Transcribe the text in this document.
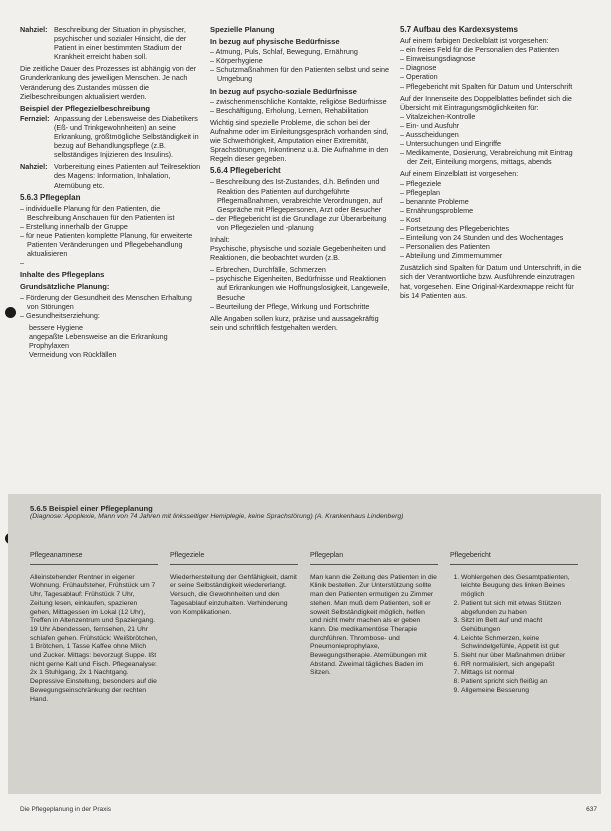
Nahziel: Beschreibung der Situation in physischer, psychischer und sozialer Hinsicht, die der Patient in einer bestimmten Stadium der Krankheit erreicht haben soll.

Die zeitliche Dauer des Prozesses ist abhängig von der Grunderkrankung des jeweiligen Menschen. Je nach Veränderung des Zustandes müssen die Zielbeschreibungen aktualisiert werden.

Beispiel der Pflegezielbeschreibung
Fernziel: Anpassung der Lebensweise des Diabetikers (Eß- und Trinkgewohnheiten) an seine Erkrankung, größtmögliche Selbständigkeit in bezug auf Behandlungspflege (z.B. selbständiges Injizieren des Insulins).
Nahziel: Vorbereitung eines Patienten auf Teilresektion des Magens: Information, Inhalation, Atemübung etc.
5.6.3 Pflegeplan
– individuelle Planung für den Patienten, die Beschreibung Anschauen für den Patienten ist
– Erstellung innerhalb der Gruppe
– für neue Patienten komplette Planung, für erweiterte Patienten Veränderungen und Pflegebehandlung aktualisieren
–
Inhalte des Pflegeplans
Grundsätzliche Planung:
– Förderung der Gesundheit des Menschen Erhaltung von Störungen
– Gesundheitserziehung:
bessere Hygiene
angepaßte Lebensweise an die Erkrankung
Prophylaxen
Vermeidung von Rückfällen
Spezielle Planung
In bezug auf physische Bedürfnisse
– Atmung, Puls, Schlaf, Bewegung, Ernährung
– Körperhygiene
– Schutzmaßnahmen für den Patienten selbst und seine Umgebung
In bezug auf psycho-soziale Bedürfnisse
– zwischenmenschliche Kontakte, religiöse Bedürfnisse
– Beschäftigung, Erholung, Lernen, Rehabilitation

Wichtig sind spezielle Probleme, die schon bei der Aufnahme oder im Einleitungsgespräch vorhanden sind, wie Schwerhörigkeit, Amputation einer Extremität, Sprachstörungen, Inkontinenz u.ä. Die Aufnahme in den Regeln dieser gegeben.

5.6.4 Pflegebericht
– Beschreibung des Ist-Zustandes, d.h. Befinden und Reaktion des Patienten auf durchgeführte Pflegemaßnahmen, verabreichte Verordnungen, auf Gespräche mit Pflegepersonen, Arzt oder Besucher
– der Pflegebericht ist die Grundlage zur Überarbeitung von Pflegezielen und -planung

Inhalt:

Psychische, physische und soziale Gegebenheiten und Reaktionen, die beobachtet wurden (z.B.

– Erbrechen, Durchfälle, Schmerzen
– psychische Eigenheiten, Bedürfnisse und Reaktionen auf Erkrankungen wie Hoffnungslosigkeit, Langeweile, Besuche
– Beurteilung der Pflege, Wirkung und Fortschritte

Alle Angaben sollen kurz, präzise und aussagekräftig sein und schriftlich festgehalten werden.

5.7 Aufbau des Kardexsystems

Auf einem farbigen Deckelblatt ist vorgesehen:

– ein freies Feld für die Personalien des Patienten
– Einweisungsdiagnose
– Diagnose
– Operation
– Pflegebericht mit Spalten für Datum und Unterschrift

Auf der Innenseite des Doppelblattes befindet sich die Übersicht mit Eintragungsmöglichkeiten für:

– Vitalzeichen-Kontrolle
– Ein- und Ausfuhr
– Ausscheidungen
– Untersuchungen und Eingriffe
– Medikamente, Dosierung, Verabreichung mit Eintrag der Zeit, Einteilung morgens, mittags, abends

Auf einem Einzelblatt ist vorgesehen:

– Pflegeziele
– Pflegeplan
– benannte Probleme
– Ernährungsprobleme
– Kost
– Fortsetzung des Pflegeberichtes
– Einteilung von 24 Stunden und des Wochentages
– Personalien des Patienten
– Abteilung und Zimmernummer

Zusätzlich sind Spalten für Datum und Unterschrift, in die sich der Verantwortliche bzw. Ausführende einzutragen hat, vorgesehen. Eine Original-Kardexmappe reicht für bis 14 Patienten aus.

5.6.5 Beispiel einer Pflegeplanung
(Diagnose: Apoplexie, Mann von 74 Jahren mit linksseitiger Hemiplegie, keine Sprachstörung) (A. Krankenhaus Lindenberg)
Pflegeanamnese
Alleinstehender Rentner in eigener Wohnung. Frühaufsteher, Frühstück um 7 Uhr, Tagesablauf: Frühstück 7 Uhr, Zeitung lesen, einkaufen, spazieren gehen, Mittagessen im Lokal (12 Uhr), Treffen in Altenzentrum und Spaziergang. 19 Uhr Abendessen, fernsehen, 21 Uhr schlafen gehen. Frühstück: Weißbrötchen, 1 Brötchen, 1 Tasse Kaffee ohne Milch und Zucker. Mittags: bevorzugt Suppe. Ißt nicht gerne Kalt und Fisch. Pflegeanalyse: 2x 1 Stuhlgang, 2x 1 Nachtgang. Depressive Einstellung, besonders auf die Bewegungseinschränkung der rechten Hand.
Pflegeziele
Wiederherstellung der Gehfähigkeit, damit er seine Selbständigkeit wiedererlangt. Versuch, die Gewohnheiten und den Tagesablauf einzuhalten. Verhinderung von Komplikationen.
Pflegeplan
Man kann die Zeitung des Patienten in die Klinik bestellen. Zur Unterstützung sollte man den Patienten ermutigen zu Zimmer stehen. Man muß dem Patienten, soll er soweit Selbständigkeit möglich, helfen und nicht mehr machen als er geben kann. Die medikamentöse Therapie durchführen. Thrombose- und Pneumonieprophylaxe, Bewegungstherapie. Atemübungen mit Abstand. Zweimal tägliches Baden im Sitzen.
Pflegebericht
1. Wohlergehen des Gesamtpatienten, leichte Beugung des linken Beines möglich
2. Patient tut sich mit etwas Stützen abgefunden zu haben
3. Sitzt im Bett auf und macht Gehübungen
4. Leichte Schmerzen, keine Schwindelgefühle, Appetit ist gut
5. Sieht nur über Maßnahmen drüber
6. RR normalisiert, sich angepaßt
7. Mittags ist normal
8. Patient spricht sich fleißig an
9. Allgemeine Besserung
Die Pflegeplanung in der Praxis	637
